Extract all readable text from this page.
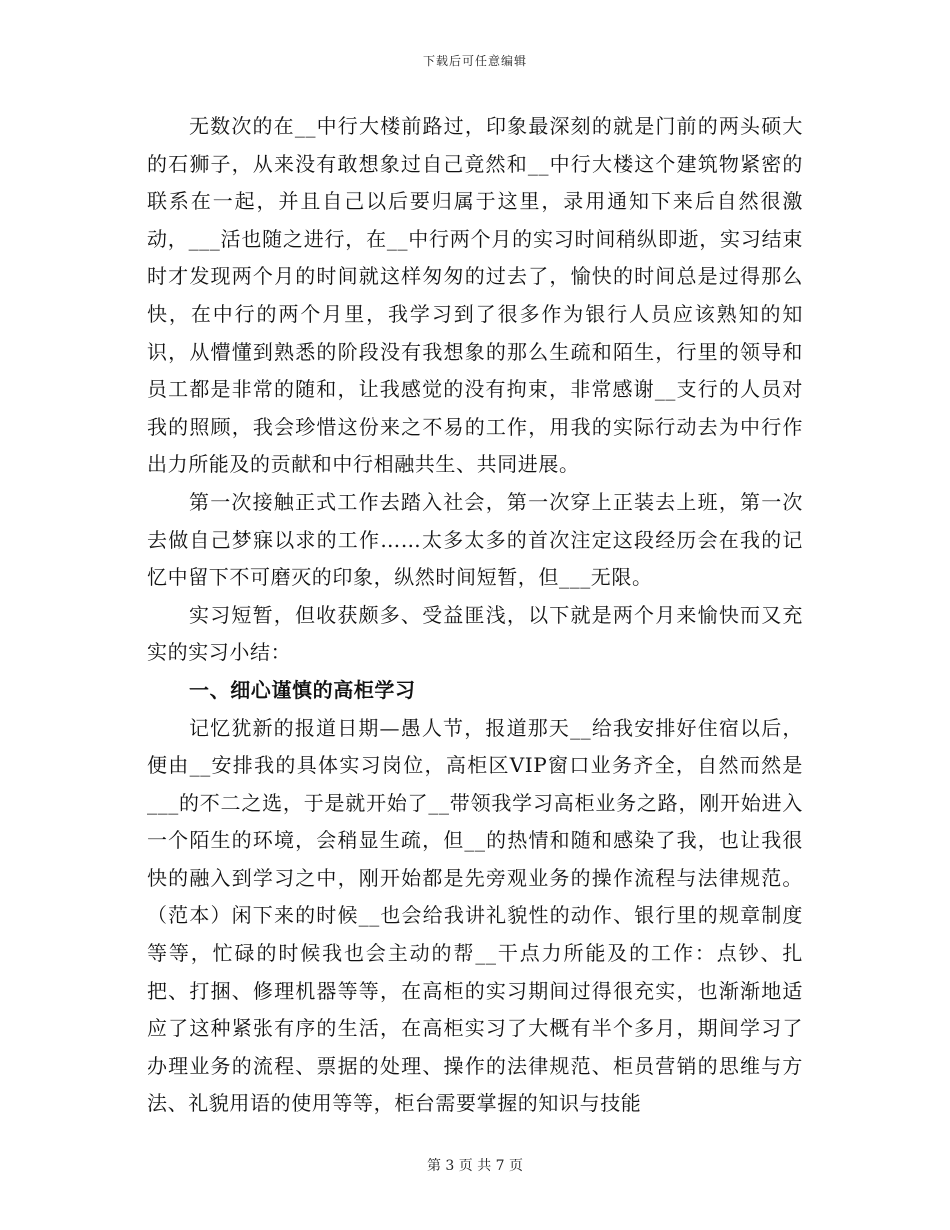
下载后可任意编辑

无数次的在__中行大楼前路过，印象最深刻的就是门前的两头硕大的石狮子，从来没有敢想象过自己竟然和__中行大楼这个建筑物紧密的联系在一起，并且自己以后要归属于这里，录用通知下来后自然很激动，___活也随之进行，在__中行两个月的实习时间稍纵即逝，实习结束时才发现两个月的时间就这样匆匆的过去了，愉快的时间总是过得那么快，在中行的两个月里，我学习到了很多作为银行人员应该熟知的知识，从懵懂到熟悉的阶段没有我想象的那么生疏和陌生，行里的领导和员工都是非常的随和，让我感觉的没有拘束，非常感谢__支行的人员对我的照顾，我会珍惜这份来之不易的工作，用我的实际行动去为中行作出力所能及的贡献和中行相融共生、共同进展。

第一次接触正式工作去踏入社会，第一次穿上正装去上班，第一次去做自己梦寐以求的工作……太多太多的首次注定这段经历会在我的记忆中留下不可磨灭的印象，纵然时间短暂，但___无限。

实习短暂，但收获颇多、受益匪浅，以下就是两个月来愉快而又充实的实习小结：

一、细心谨慎的高柜学习

记忆犹新的报道日期—愚人节，报道那天__给我安排好住宿以后，便由__安排我的具体实习岗位，高柜区VIP窗口业务齐全，自然而然是___的不二之选，于是就开始了__带领我学习高柜业务之路，刚开始进入一个陌生的环境，会稍显生疏，但__的热情和随和感染了我，也让我很快的融入到学习之中，刚开始都是先旁观业务的操作流程与法律规范。（范本）闲下来的时候__也会给我讲礼貌性的动作、银行里的规章制度等等，忙碌的时候我也会主动的帮__干点力所能及的工作：点钞、扎把、打捆、修理机器等等，在高柜的实习期间过得很充实，也渐渐地适应了这种紧张有序的生活，在高柜实习了大概有半个多月，期间学习了办理业务的流程、票据的处理、操作的法律规范、柜员营销的思维与方法、礼貌用语的使用等等，柜台需要掌握的知识与技能

第 3 页 共 7 页
